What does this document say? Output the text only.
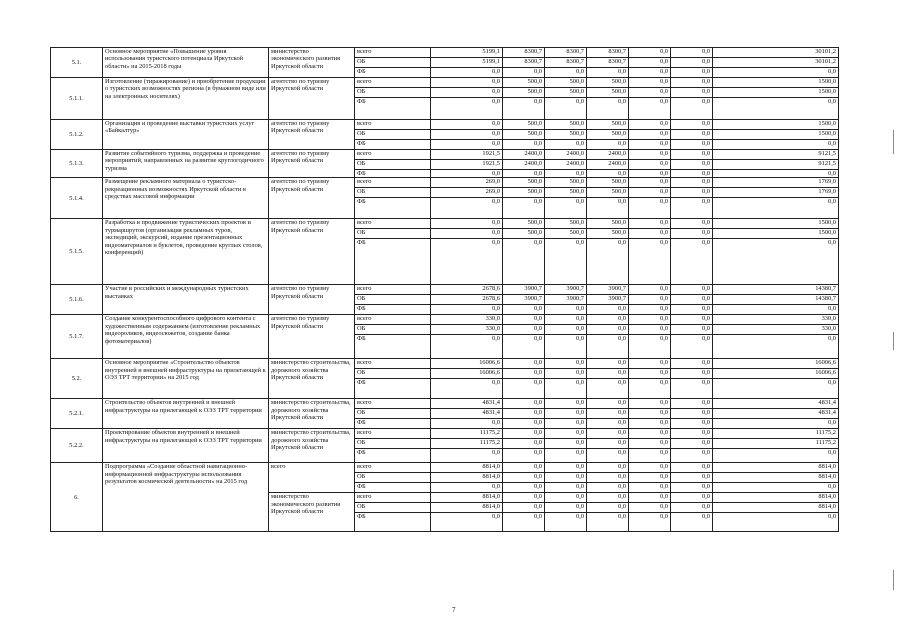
5.1.	Основное мероприятие «Повышение уровня использования туристского потенциала Иркутской области» на 2015-2018 годы	министерство экономического развития Иркутской области	всего	5199,1	8300,7	8300,7	8300,7	0,0	0,0	30101,2
			ОБ	5199,1	8300,7	8300,7	8300,7	0,0	0,0	30101,2
			ФБ	0,0	0,0	0,0	0,0	0,0	0,0	0,0
5.1.1.	Изготовление (тиражирование) и приобретение продукции о туристских возможностях региона (в бумажном виде или на электронных носителях)	агентство по туризму Иркутской области	всего	0,0	500,0	500,0	500,0	0,0	0,0	1500,0
			ОБ	0,0	500,0	500,0	500,0	0,0	0,0	1500,0
			ФБ	0,0	0,0	0,0	0,0	0,0	0,0	0,0
5.1.2.	Организация и проведение выставки туристских услуг «Байкалтур»	агентство по туризму Иркутской области	всего	0,0	500,0	500,0	500,0	0,0	0,0	1500,0
			ОБ	0,0	500,0	500,0	500,0	0,0	0,0	1500,0
			ФБ	0,0	0,0	0,0	0,0	0,0	0,0	0,0
5.1.3.	Развитие событийного туризма, поддержка и проведение мероприятий, направленных на развитие круглогодичного туризма	агентство по туризму Иркутской области	всего	1921,5	2400,0	2400,0	2400,0	0,0	0,0	9121,5
			ОБ	1921,5	2400,0	2400,0	2400,0	0,0	0,0	9121,5
			ФБ	0,0	0,0	0,0	0,0	0,0	0,0	0,0
5.1.4.	Размещение рекламного материала о туристско-рекреационных возможностях Иркутской области в средствах массовой информации	агентство по туризму Иркутской области	всего	269,0	500,0	500,0	500,0	0,0	0,0	1769,0
			ОБ	269,0	500,0	500,0	500,0	0,0	0,0	1769,0
			ФБ	0,0	0,0	0,0	0,0	0,0	0,0	0,0
5.1.5.	Разработка и продвижение туристических проектов и турмаршрутов (организация рекламных туров, экспедиций, экскурсий, издание презентационных видеоматериалов и буклетов, проведение круглых столов, конференций)	агентство по туризму Иркутской области	всего	0,0	500,0	500,0	500,0	0,0	0,0	1500,0
			ОБ	0,0	500,0	500,0	500,0	0,0	0,0	1500,0
			ФБ	0,0	0,0	0,0	0,0	0,0	0,0	0,0
5.1.6.	Участие в российских и международных туристских выставках	агентство по туризму Иркутской области	всего	2678,6	3900,7	3900,7	3900,7	0,0	0,0	14380,7
			ОБ	2678,6	3900,7	3900,7	3900,7	0,0	0,0	14380,7
			ФБ	0,0	0,0	0,0	0,0	0,0	0,0	0,0
5.1.7.	Создание конкурентоспособного цифрового контента с художественным содержанием (изготовление рекламных видеороликов, видеосюжетов, создание банка фотоматериалов)	агентство по туризму Иркутской области	всего	330,0	0,0	0,0	0,0	0,0	0,0	330,0
			ОБ	330,0	0,0	0,0	0,0	0,0	0,0	330,0
			ФБ	0,0	0,0	0,0	0,0	0,0	0,0	0,0
5.2.	Основное мероприятие «Строительство объектов внутренней и внешней инфраструктуры на прилегающей к ОЭЗ ТРТ территории» на 2015 год	министерство строительства, дорожного хозяйства Иркутской области	всего	16006,6	0,0	0,0	0,0	0,0	0,0	16006,6
			ОБ	16006,6	0,0	0,0	0,0	0,0	0,0	16006,6
			ФБ	0,0	0,0	0,0	0,0	0,0	0,0	0,0
5.2.1.	Строительство объектов внутренней и внешней инфраструктуры на прилегающей к ОЭЗ ТРТ территории	министерство строительства, дорожного хозяйства Иркутской области	всего	4831,4	0,0	0,0	0,0	0,0	0,0	4831,4
			ОБ	4831,4	0,0	0,0	0,0	0,0	0,0	4831,4
			ФБ	0,0	0,0	0,0	0,0	0,0	0,0	0,0
5.2.2.	Проектирование объектов внутренней и внешней инфраструктуры на прилегающей к ОЭЗ ТРТ территории	министерство строительства, дорожного хозяйства Иркутской области	всего	11175,2	0,0	0,0	0,0	0,0	0,0	11175,2
			ОБ	11175,2	0,0	0,0	0,0	0,0	0,0	11175,2
			ФБ	0,0	0,0	0,0	0,0	0,0	0,0	0,0
6.	Подпрограмма «Создание областной навигационно-информационной инфраструктуры использования результатов космической деятельности» на 2015 год	всего	всего	8814,0	0,0	0,0	0,0	0,0	0,0	8814,0
			ОБ	8814,0	0,0	0,0	0,0	0,0	0,0	8814,0
			ФБ	0,0	0,0	0,0	0,0	0,0	0,0	0,0
		министерство экономического развития Иркутской области	всего	8814,0	0,0	0,0	0,0	0,0	0,0	8814,0
			ОБ	8814,0	0,0	0,0	0,0	0,0	0,0	8814,0
			ФБ	0,0	0,0	0,0	0,0	0,0	0,0	0,0
7
